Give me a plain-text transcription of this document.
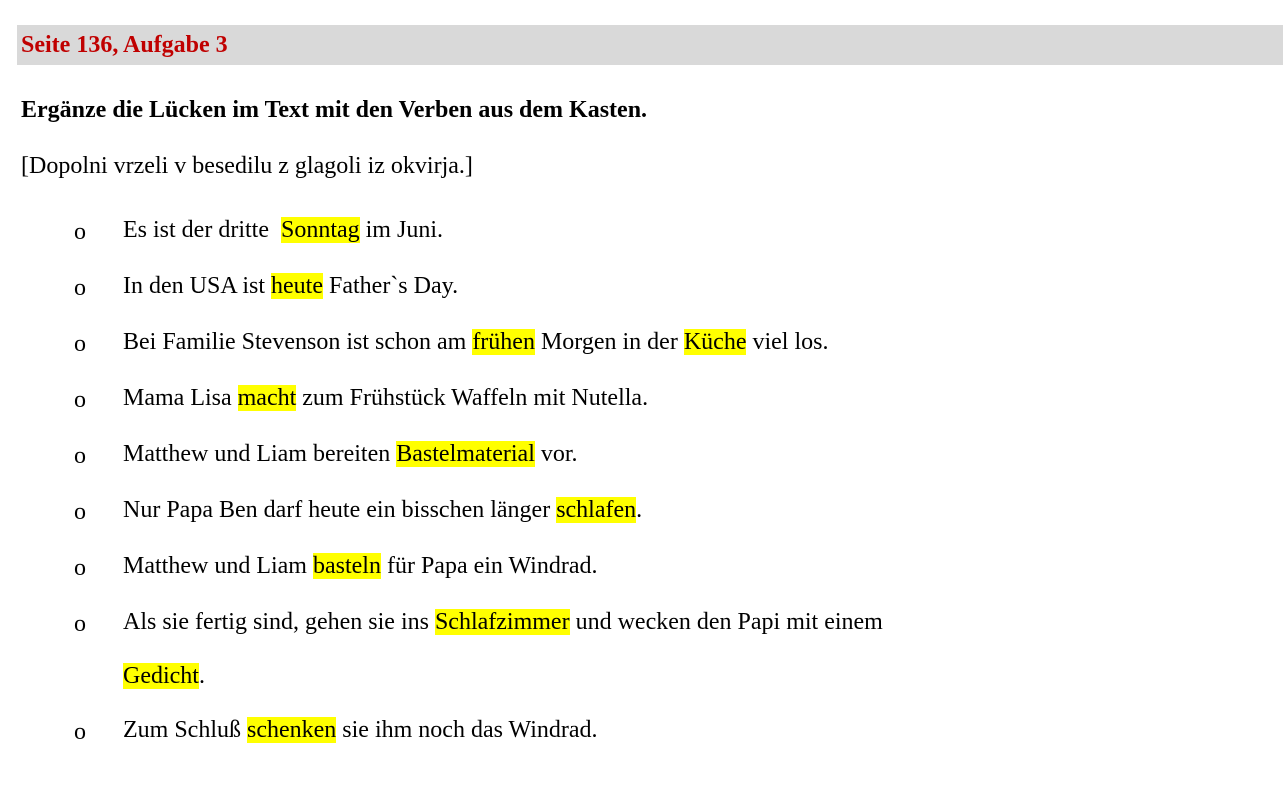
Seite 136, Aufgabe 3
Ergänze die Lücken im Text mit den Verben aus dem Kasten.
[Dopolni vrzeli v besedilu z glagoli iz okvirja.]
o Es ist der dritte  Sonntag im Juni.
o In den USA ist heute Father`s Day.
o Bei Familie Stevenson ist schon am frühen Morgen in der Küche viel los.
o Mama Lisa macht zum Frühstück Waffeln mit Nutella.
o Matthew und Liam bereiten Bastelmaterial vor.
o Nur Papa Ben darf heute ein bisschen länger schlafen.
o Matthew und Liam basteln für Papa ein Windrad.
o Als sie fertig sind, gehen sie ins Schlafzimmer und wecken den Papi mit einem
Gedicht.
o Zum Schluß schenken sie ihm noch das Windrad.
